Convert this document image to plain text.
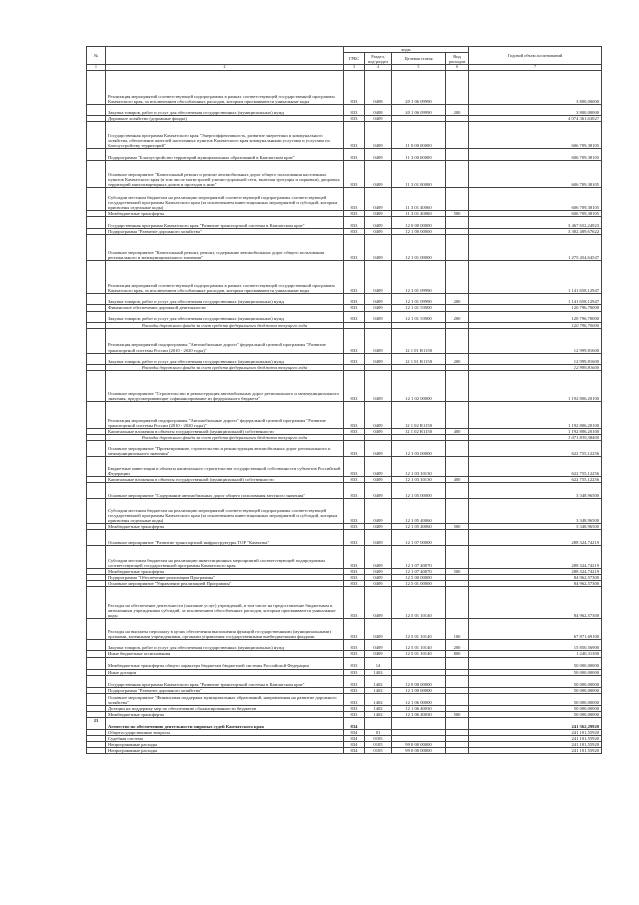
№		коды				Годовой объем ассигнований
		ГРБС	Раздел, под-раздел	Целевая статья	Вид расходов	
1	2	3	4	5	6	7
	Реализация мероприятий соответствующей подпрограммы в рамках соответствующей государственной программы Камчатского края, за исключением обособленных расходов, которым присваиваются уникальные коды	833	0408	20 1 06 09990		3 800,00000
	Закупка товаров, работ и услуг для обеспечения государственных (муниципальных) нужд	833	0408	20 1 06 09990	200	3 800,00000
	Дорожное хозяйство (дорожные фонды)	833	0409			4 074 361,63027
	Государственная программа Камчатского края "Энергоэффективность, развитие энергетики и коммунального хозяйства, обеспечение жителей населенных пунктов Камчатского края коммунальными услугами и услугами по благоустройству территорий"	833	0409	11 0 00 00000		606 709,38105
	Подпрограмма "Благоустройство территорий муниципальных образований в Камчатском крае"	833	0409	11 3 00 00000		606 709,38105
	Основное мероприятие "Капитальный ремонт и ремонт автомобильных дорог общего пользования населенных пунктов Камчатского края (в том числе магистралей улично-дорожной сети, включая тротуары и парковки), дворовых территорий многоквартирных домов и проездов к ним"	833	0409	11 3 01 00000		606 709,38105
	Субсидии местным бюджетам на реализацию мероприятий соответствующей подпрограммы соответствующей государственной программы Камчатского края (за исключением инвестиционных мероприятий и субсидий, которым присвоены отдельные коды)	833	0409	11 3 01 40060		606 709,38105
	Межбюджетные трансферты	833	0409	11 3 01 40060	500	606 709,38105
	Государственная программа Камчатского края "Развитие транспортной системы в Камчатском крае"	833	0409	12 0 00 00000		3 467 652,24923
	Подпрограмма "Развитие дорожного хозяйства"	833	0409	12 1 00 00000		3 382 489,67622
	Основное мероприятие "Капитальный ремонт, ремонт, содержание автомобильных дорог общего пользования регионального и межмуниципального значения"	833	0409	12 1 01 00000		1 275 454,64547
	Реализация мероприятий соответствующей подпрограммы в рамках соответствующей государственной программы Камчатского края, за исключением обособленных расходов, которым присваиваются уникальные коды	833	0409	12 1 01 09990		1 141 658,12947
	Закупка товаров, работ и услуг для обеспечения государственных (муниципальных) нужд	833	0409	12 1 01 09990	200	1 141 658,12947
	Финансовое обеспечение дорожной деятельности	833	0409	12 1 01 53900		120 796,70000
	Закупка товаров, работ и услуг для обеспечения государственных (муниципальных) нужд	833	0409	12 1 01 53900	200	120 796,70000
	Расходы дорожного фонда за счет средств федерального бюджета текущего года					120 796,70000
	Реализация мероприятий подпрограммы "Автомобильные дороги" федеральной целевой программы "Развитие транспортной системы России (2010 - 2020 годы)"	833	0409	12 1 01 R1150		12 999,81600
	Закупка товаров, работ и услуг для обеспечения государственных (муниципальных) нужд	833	0409	12 1 01 R1150	200	12 999,81600
	Расходы дорожного фонда за счет средств федерального бюджета текущего года					12 999,81600
	Основное мероприятие "Строительство и реконструкция автомобильных дорог регионального и межмуниципального значения, предусматривающие софинансирование из федерального бюджета"	833	0409	12 1 02 00000		1 192 806,20100
	Реализация мероприятий подпрограммы "Автомобильные дороги" федеральной целевой программы "Развитие транспортной системы России (2010 - 2020 годы)"	833	0409	12 1 02 R1150		1 192 806,20100
	Капитальные вложения в объекты государственной (муниципальной) собственности	833	0409	12 1 02 R1150	400	1 192 806,20100
	Расходы дорожного фонда за счет средств федерального бюджета текущего года					1 071 839,38400
	Основное мероприятие "Проектирование, строительство и реконструкция автомобильных дорог регионального и межмуниципального значения"	833	0409	12 1 03 00000		622 755,12256
	Бюджетные инвестиции в объекты капитального строительства государственной собственности субъектов Российской Федерации	833	0409	12 1 03 10130		622 755,12256
	Капитальные вложения в объекты государственной (муниципальной) собственности	833	0409	12 1 03 10130	400	622 755,12256
	Основное мероприятие "Содержание автомобильных дорог общего пользования местного значения"	833	0409	12 1 05 00000		3 348,96500
	Субсидии местным бюджетам на реализацию мероприятий соответствующей подпрограммы соответствующей государственной программы Камчатского края (за исключением инвестиционных мероприятий и субсидий, которым присвоены отдельные коды)	833	0409	12 1 05 40060		3 348,96500
	Межбюджетные трансферты	833	0409	12 1 05 40060	500	3 348,96500
	Основное мероприятие "Развитие транспортной инфраструктуры ТОР "Камчатка"	833	0409	12 1 07 00000		288 324,74219
	Субсидии местным бюджетам на реализацию инвестиционных мероприятий соответствующей подпрограммы соответствующей государственной программы Камчатского края	833	0409	12 1 07 40070		288 324,74219
	Межбюджетные трансферты	833	0409	12 1 07 40070	500	288 324,74219
	Подпрограмма "Обеспечение реализации Программы"	833	0409	12 5 00 00000		84 962,57300
	Основное мероприятие "Управление реализацией Программы"	833	0409	12 5 01 00000		84 962,57300
	Расходы на обеспечение деятельности (оказание услуг) учреждений, в том числе на предоставление бюджетным и автономным учреждениям субсидий, за исключением обособленных расходов, которым присваиваются уникальные коды	833	0409	12 5 01 10140		84 962,57300
	Расходы на выплаты персоналу в целях обеспечения выполнения функций государственными (муниципальными) органами, казенными учреждениями, органами управления государственными внебюджетными фондами	833	0409	12 5 01 10140	100	67 871,69100
	Закупка товаров, работ и услуг для обеспечения государственных (муниципальных) нужд	833	0409	12 5 01 10140	200	15 850,56900
	Иные бюджетные ассигнования	833	0409	12 5 01 10140	800	1 240,31300
	Межбюджетные трансферты общего характера бюджетам бюджетной системы Российской Федерации	833	14			50 000,00000
	Иные дотации	833	1402			50 000,00000
	Государственная программа Камчатского края "Развитие транспортной системы в Камчатском крае"	833	1402	12 0 00 00000		50 000,00000
	Подпрограмма "Развитие дорожного хозяйства"	833	1402	12 1 00 00000		50 000,00000
	Основное мероприятие "Финансовая поддержка муниципальных образований, направленная на развитие дорожного хозяйства"	833	1402	12 1 06 00000		50 000,00000
	Дотации на поддержку мер по обеспечению сбалансированности бюджетов	833	1402	12 1 06 40030		50 000,00000
	Межбюджетные трансферты	833	1402	12 1 06 40030	500	50 000,00000
23	Агентство по обеспечению деятельности мировых судей Камчатского края	834				241 362,29920
	Общегосударственные вопросы	834	01			241 101,55920
	Судебная система	834	0105			241 101,55920
	Непрограммные расходы	834	0105	99 0 00 00000		241 101,55920
	Непрограммные расходы	834	0105	99 0 00 00000		241 101,55920
